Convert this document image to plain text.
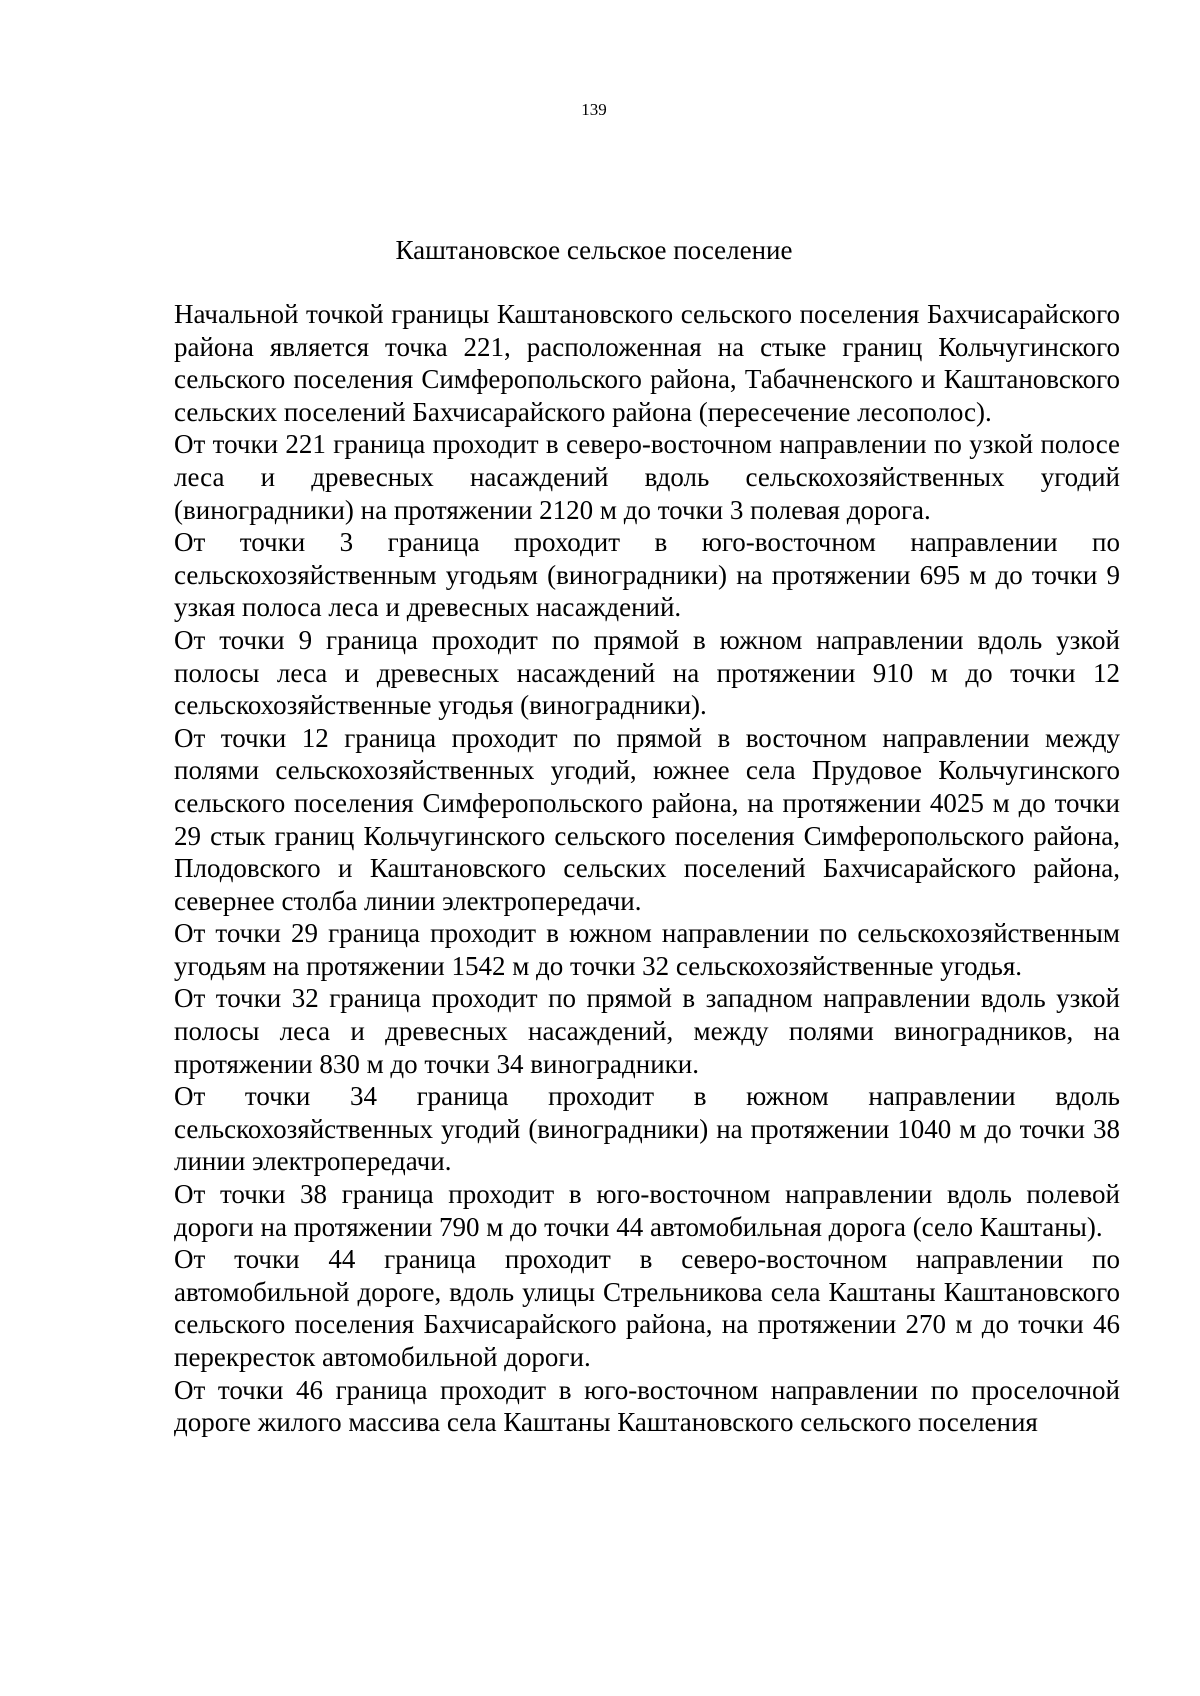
139
Каштановское сельское поселение

Начальной точкой границы Каштановского сельского поселения Бахчисарайского района является точка 221, расположенная на стыке границ Кольчугинского сельского поселения Симферопольского района, Табачненского и Каштановского сельских поселений Бахчисарайского района (пересечение лесополос).

От точки 221 граница проходит в северо-восточном направлении по узкой полосе леса и древесных насаждений вдоль сельскохозяйственных угодий (виноградники) на протяжении 2120 м до точки 3 полевая дорога.

От точки 3 граница проходит в юго-восточном направлении по сельскохозяйственным угодьям (виноградники) на протяжении 695 м до точки 9 узкая полоса леса и древесных насаждений.

От точки 9 граница проходит по прямой в южном направлении вдоль узкой полосы леса и древесных насаждений на протяжении 910 м до точки 12 сельскохозяйственные угодья (виноградники).

От точки 12 граница проходит по прямой в восточном направлении между полями сельскохозяйственных угодий, южнее села Прудовое Кольчугинского сельского поселения Симферопольского района, на протяжении 4025 м до точки 29 стык границ Кольчугинского сельского поселения Симферопольского района, Плодовского и Каштановского сельских поселений Бахчисарайского района, севернее столба линии электропередачи.

От точки 29 граница проходит в южном направлении по сельскохозяйственным угодьям на протяжении 1542 м до точки 32 сельскохозяйственные угодья.

От точки 32 граница проходит по прямой в западном направлении вдоль узкой полосы леса и древесных насаждений, между полями виноградников, на протяжении 830 м до точки 34 виноградники.

От точки 34 граница проходит в южном направлении вдоль сельскохозяйственных угодий (виноградники) на протяжении 1040 м до точки 38 линии электропередачи.

От точки 38 граница проходит в юго-восточном направлении вдоль полевой дороги на протяжении 790 м до точки 44 автомобильная дорога (село Каштаны).

От точки 44 граница проходит в северо-восточном направлении по автомобильной дороге, вдоль улицы Стрельникова села Каштаны Каштановского сельского поселения Бахчисарайского района, на протяжении 270 м до точки 46 перекресток автомобильной дороги.

От точки 46 граница проходит в юго-восточном направлении по проселочной дороге жилого массива села Каштаны Каштановского сельского поселения
